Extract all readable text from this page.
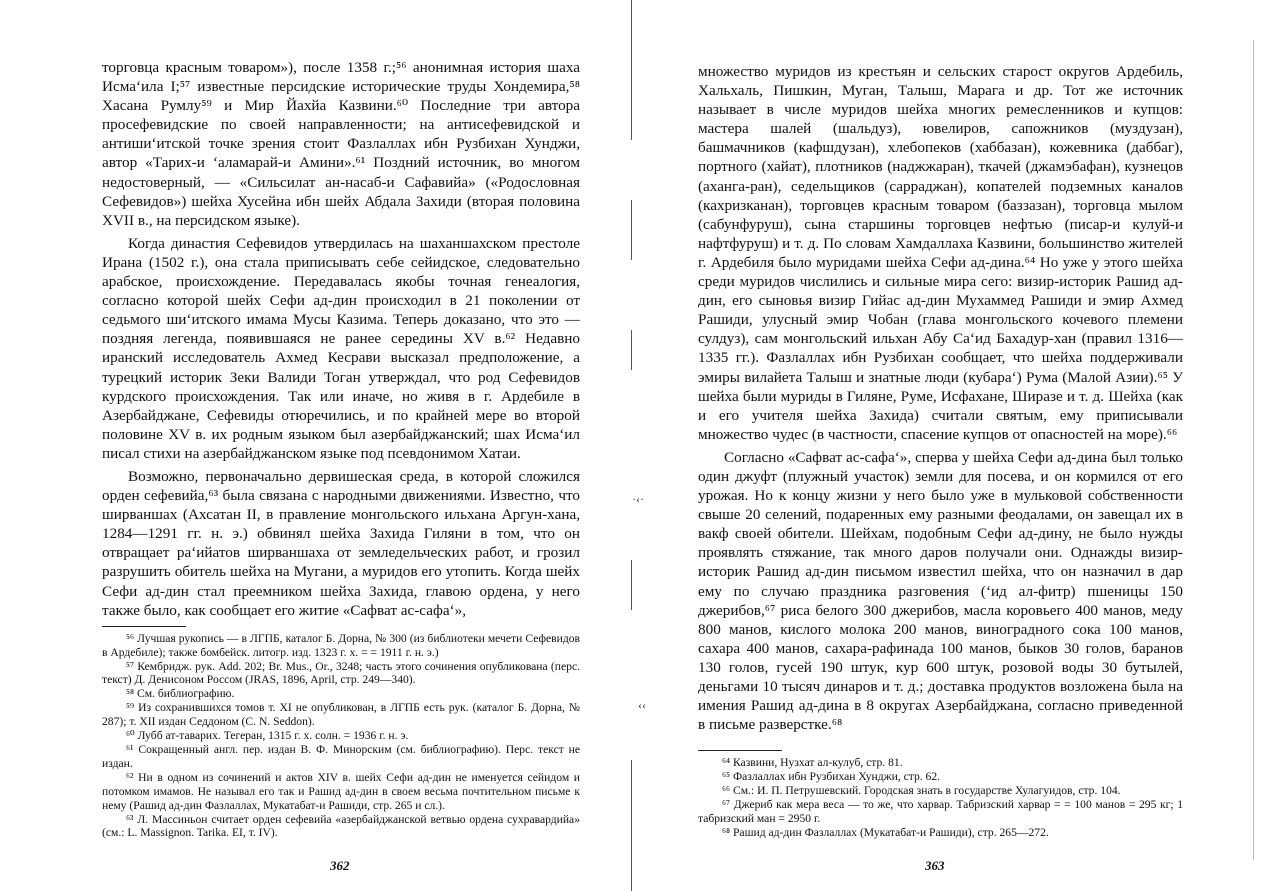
торговца красным товаром»), после 1358 г.;⁵⁶ анонимная история шаха Исма‘ила I;⁵⁷ известные персидские исторические труды Хондемира,⁵⁸ Хасана Румлу⁵⁹ и Мир Йахйа Казвини.⁶⁰ Последние три автора просефевидские по своей направленности; на антисефевидской и антиши‘итской точке зрения стоит Фазлаллах ибн Рузбихан Хунджи, автор «Тарих-и ‘аламарай-и Амини».⁶¹ Поздний источник, во многом недостоверный, — «Сильсилат ан-насаб-и Сафавийа» («Родословная Сефевидов») шейха Хусейна ибн шейх Абдала Захиди (вторая половина XVII в., на персидском языке).

Когда династия Сефевидов утвердилась на шаханшахском престоле Ирана (1502 г.), она стала приписывать себе сейидское, следовательно арабское, происхождение. Передавалась якобы точная генеалогия, согласно которой шейх Сефи ад-дин происходил в 21 поколении от седьмого ши‘итского имама Мусы Казима. Теперь доказано, что это — поздняя легенда, появившаяся не ранее середины XV в.⁶² Недавно иранский исследователь Ахмед Кесрави высказал предположение, а турецкий историк Зеки Валиди Тоган утверждал, что род Сефевидов курдского происхождения. Так или иначе, но живя в г. Ардебиле в Азербайджане, Сефевиды отюречились, и по крайней мере во второй половине XV в. их родным языком был азербайджанский; шах Исма‘ил писал стихи на азербайджанском языке под псевдонимом Хатаи.

Возможно, первоначально дервишеская среда, в которой сложился орден сефевийа,⁶³ была связана с народными движениями. Известно, что ширваншах (Ахсатан II, в правление монгольского ильхана Аргун-хана, 1284—1291 гг. н. э.) обвинял шейха Захида Гиляни в том, что он отвращает ра‘ийатов ширваншаха от земледельческих работ, и грозил разрушить обитель шейха на Мугани, а муридов его утопить. Когда шейх Сефи ад-дин стал преемником шейха Захида, главою ордена, у него также было, как сообщает его житие «Сафват ас-сафа‘»,

⁵⁶ Лучшая рукопись — в ЛГПБ, каталог Б. Дорна, № 300 (из библиотеки мечети Сефевидов в Ардебиле); также бомбейск. литогр. изд. 1323 г. х. = = 1911 г. н. э.)

⁵⁷ Кембридж. рук. Add. 202; Br. Mus., Or., 3248; часть этого сочинения опубликована (перс. текст) Д. Денисоном Россом (JRAS, 1896, April, стр. 249—340).

⁵⁸ См. библиографию.

⁵⁹ Из сохранившихся томов т. XI не опубликован, в ЛГПБ есть рук. (каталог Б. Дорна, № 287); т. XII издан Седдоном (C. N. Seddon).

⁶⁰ Лубб ат-таварих. Тегеран, 1315 г. х. солн. = 1936 г. н. э.

⁶¹ Сокращенный англ. пер. издан В. Ф. Минорским (см. библиографию). Перс. текст не издан.

⁶² Ни в одном из сочинений и актов XIV в. шейх Сефи ад-дин не именуется сейидом и потомком имамов. Не называл его так и Рашид ад-дин в своем весьма почтительном письме к нему (Рашид ад-дин Фазлаллах, Мукатабат-и Рашиди, стр. 265 и сл.).

⁶³ Л. Массиньон считает орден сефевийа «азербайджанской ветвью ордена сухравардийа» (см.: L. Massignon. Tarika. EI, т. IV).

362
·‹·
‹‹

множество муридов из крестьян и сельских старост округов Ардебиль, Хальхаль, Пишкин, Муган, Талыш, Марага и др. Тот же источник называет в числе муридов шейха многих ремесленников и купцов: мастера шалей (шальдуз), ювелиров, сапожников (муздузан), башмачников (кафшдузан), хлебопеков (хаббазан), кожевника (даббаг), портного (хайат), плотников (наджжаран), ткачей (джамэбафан), кузнецов (аханга-ран), седельщиков (сарраджан), копателей подземных каналов (кахризканан), торговцев красным товаром (баззазан), торговца мылом (сабунфуруш), сына старшины торговцев нефтью (писар-и кулуй-и нафтфуруш) и т. д. По словам Хамдаллаха Казвини, большинство жителей г. Ардебиля было муридами шейха Сефи ад-дина.⁶⁴ Но уже у этого шейха среди муридов числились и сильные мира сего: визир-историк Рашид ад-дин, его сыновья визир Гийас ад-дин Мухаммед Рашиди и эмир Ахмед Рашиди, улусный эмир Чобан (глава монгольского кочевого племени сулдуз), сам монгольский ильхан Абу Са‘ид Бахадур-хан (правил 1316—1335 гг.). Фазлаллах ибн Рузбихан сообщает, что шейха поддерживали эмиры вилайета Талыш и знатные люди (кубара‘) Рума (Малой Азии).⁶⁵ У шейха были муриды в Гиляне, Руме, Исфахане, Ширазе и т. д. Шейха (как и его учителя шейха Захида) считали святым, ему приписывали множество чудес (в частности, спасение купцов от опасностей на море).⁶⁶

Согласно «Сафват ас-сафа‘», сперва у шейха Сефи ад-дина был только один джуфт (плужный участок) земли для посева, и он кормился от его урожая. Но к концу жизни у него было уже в мульковой собственности свыше 20 селений, подаренных ему разными феодалами, он завещал их в вакф своей обители. Шейхам, подобным Сефи ад-дину, не было нужды проявлять стяжание, так много даров получали они. Однажды визир-историк Рашид ад-дин письмом известил шейха, что он назначил в дар ему по случаю праздника разговения (‘ид ал-фитр) пшеницы 150 джерибов,⁶⁷ риса белого 300 джерибов, масла коровьего 400 манов, меду 800 манов, кислого молока 200 манов, виноградного сока 100 манов, сахара 400 манов, сахара-рафинада 100 манов, быков 30 голов, баранов 130 голов, гусей 190 штук, кур 600 штук, розовой воды 30 бутылей, деньгами 10 тысяч динаров и т. д.; доставка продуктов возложена была на имения Рашид ад-дина в 8 округах Азербайджана, согласно приведенной в письме разверстке.⁶⁸

⁶⁴ Казвини, Нузхат ал-кулуб, стр. 81.

⁶⁵ Фазлаллах ибн Рузбихан Хунджи, стр. 62.

⁶⁶ См.: И. П. Петрушевский. Городская знать в государстве Хулагуидов, стр. 104.

⁶⁷ Джериб как мера веса — то же, что харвар. Табризский харвар = = 100 манов = 295 кг; 1 табризский ман = 2950 г.

⁶⁸ Рашид ад-дин Фазлаллах (Мукатабат-и Рашиди), стр. 265—272.

363
